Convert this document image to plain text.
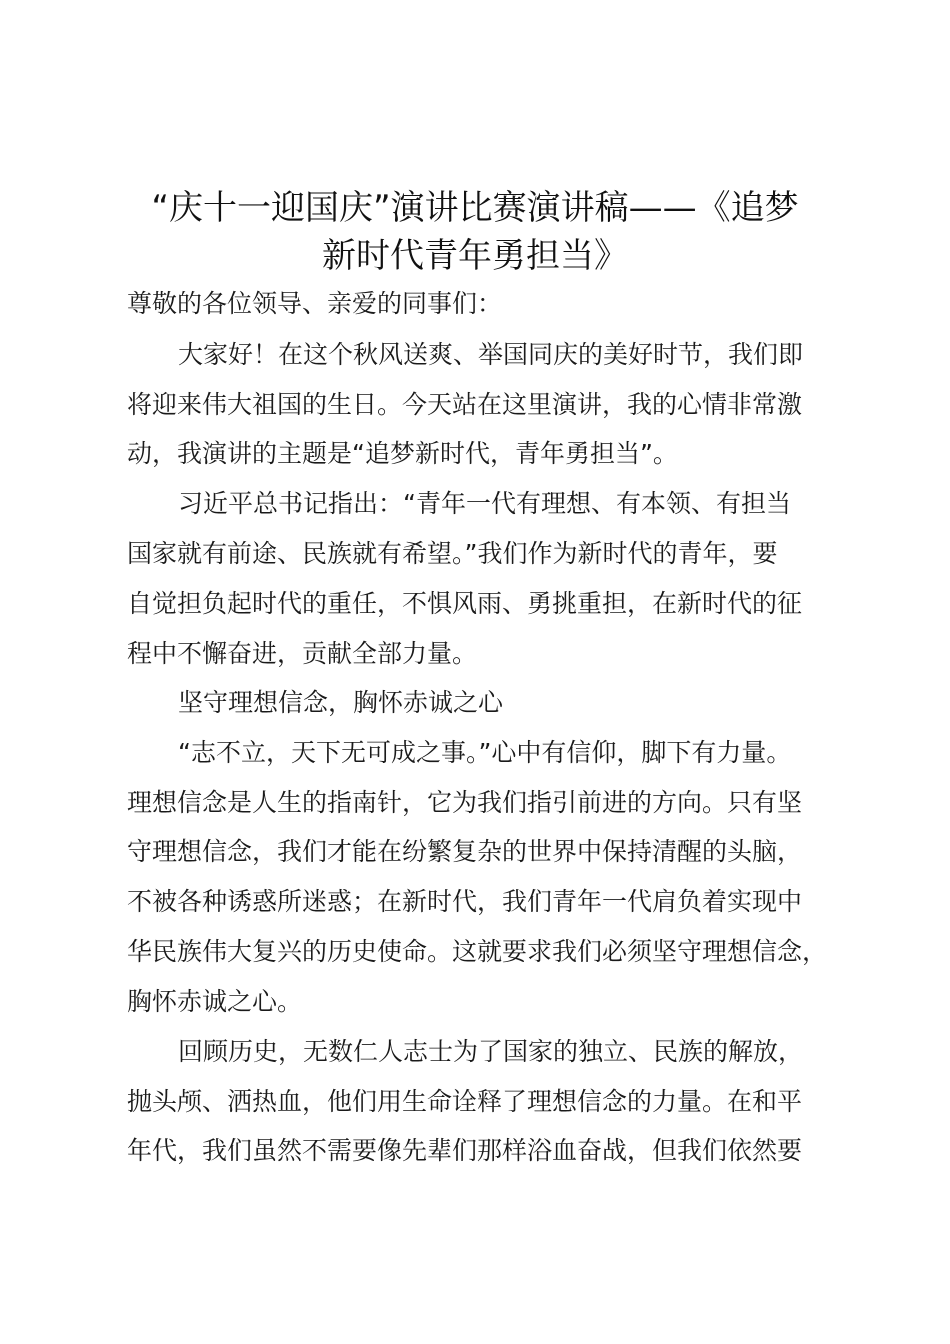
“庆十一迎国庆”演讲比赛演讲稿——《追梦
新时代青年勇担当》
尊敬的各位领导、亲爱的同事们：
大家好！在这个秋风送爽、举国同庆的美好时节，我们即
将迎来伟大祖国的生日。今天站在这里演讲，我的心情非常激
动，我演讲的主题是“追梦新时代，青年勇担当”。
习近平总书记指出：“青年一代有理想、有本领、有担当
国家就有前途、民族就有希望。”我们作为新时代的青年，要
自觉担负起时代的重任，不惧风雨、勇挑重担，在新时代的征
程中不懈奋进，贡献全部力量。
坚守理想信念，胸怀赤诚之心
“志不立，天下无可成之事。”心中有信仰，脚下有力量。
理想信念是人生的指南针，它为我们指引前进的方向。只有坚
守理想信念，我们才能在纷繁复杂的世界中保持清醒的头脑，
不被各种诱惑所迷惑；在新时代，我们青年一代肩负着实现中
华民族伟大复兴的历史使命。这就要求我们必须坚守理想信念，
胸怀赤诚之心。
回顾历史，无数仁人志士为了国家的独立、民族的解放，
抛头颅、洒热血，他们用生命诠释了理想信念的力量。在和平
年代，我们虽然不需要像先辈们那样浴血奋战，但我们依然要
